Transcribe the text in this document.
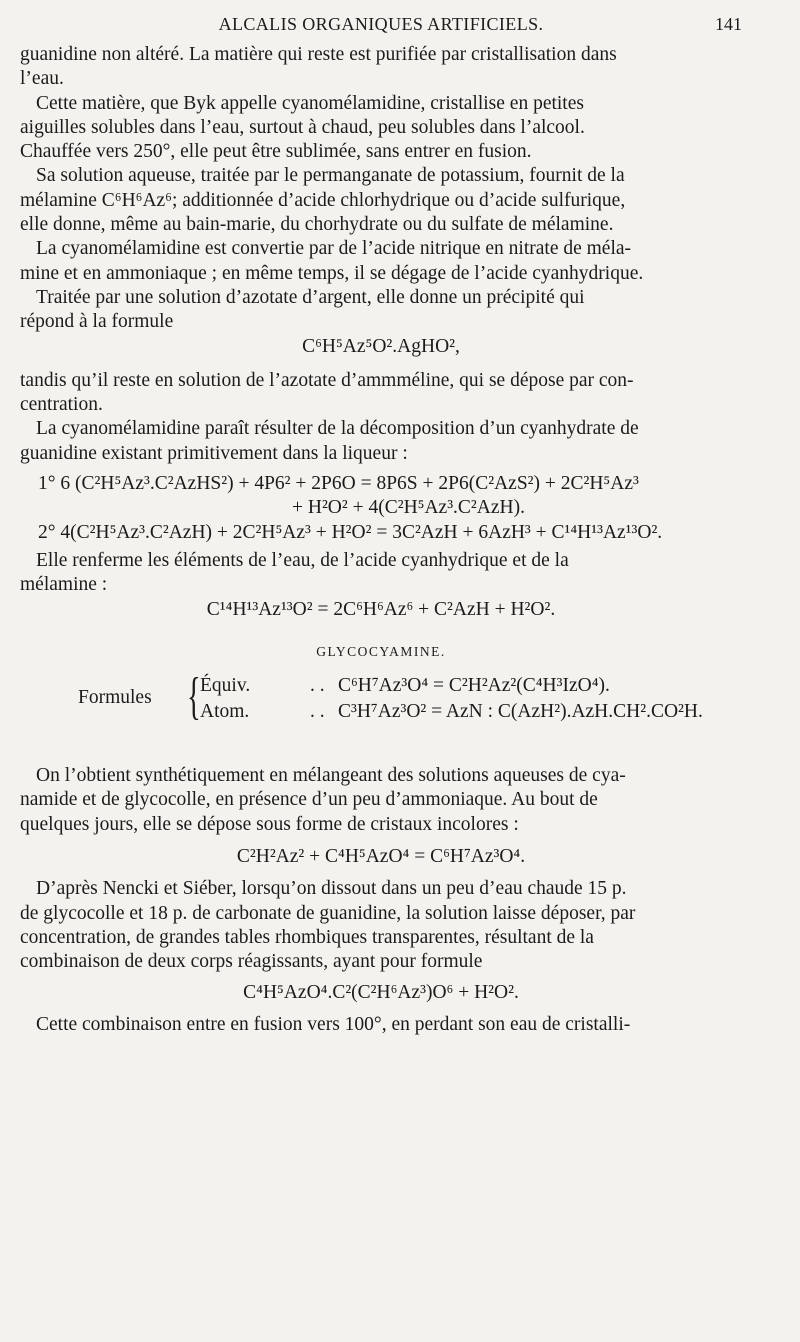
ALCALIS ORGANIQUES ARTIFICIELS.	141

guanidine non altéré. La matière qui reste est purifiée par cristallisation dans

l’eau.

Cette matière, que Byk appelle cyanomélamidine, cristallise en petites

aiguilles solubles dans l’eau, surtout à chaud, peu solubles dans l’alcool.

Chauffée vers 250°, elle peut être sublimée, sans entrer en fusion.

Sa solution aqueuse, traitée par le permanganate de potassium, fournit de la

mélamine C⁶H⁶Az⁶; additionnée d’acide chlorhydrique ou d’acide sulfurique,

elle donne, même au bain-marie, du chorhydrate ou du sulfate de mélamine.

La cyanomélamidine est convertie par de l’acide nitrique en nitrate de méla-

mine et en ammoniaque ; en même temps, il se dégage de l’acide cyanhydrique.

Traitée par une solution d’azotate d’argent, elle donne un précipité qui

répond à la formule

C⁶H⁵Az⁵O².AgHO²,

tandis qu’il reste en solution de l’azotate d’ammméline, qui se dépose par con-

centration.

La cyanomélamidine paraît résulter de la décomposition d’un cyanhydrate de

guanidine existant primitivement dans la liqueur :

1° 6 (C²H⁵Az³.C²AzHS²) + 4P6² + 2P6O = 8P6S + 2P6(C²AzS²) + 2C²H⁵Az³

+ H²O² + 4(C²H⁵Az³.C²AzH).

2° 4(C²H⁵Az³.C²AzH) + 2C²H⁵Az³ + H²O² = 3C²AzH + 6AzH³ + C¹⁴H¹³Az¹³O².

Elle renferme les éléments de l’eau, de l’acide cyanhydrique et de la

mélamine :

C¹⁴H¹³Az¹³O² = 2C⁶H⁶Az⁶ + C²AzH + H²O².

GLYCOCYAMINE.
Formules { Équiv.	. . C⁶H⁷Az³O⁴ = C²H²Az²(C⁴H³IzO⁴).
Atom.	. . C³H⁷Az³O² = AzN : C(AzH²).AzH.CH².CO²H.

On l’obtient synthétiquement en mélangeant des solutions aqueuses de cya-

namide et de glycocolle, en présence d’un peu d’ammoniaque. Au bout de

quelques jours, elle se dépose sous forme de cristaux incolores :

C²H²Az² + C⁴H⁵AzO⁴ = C⁶H⁷Az³O⁴.

D’après Nencki et Siéber, lorsqu’on dissout dans un peu d’eau chaude 15 p.

de glycocolle et 18 p. de carbonate de guanidine, la solution laisse déposer, par

concentration, de grandes tables rhombiques transparentes, résultant de la

combinaison de deux corps réagissants, ayant pour formule

C⁴H⁵AzO⁴.C²(C²H⁶Az³)O⁶ + H²O².

Cette combinaison entre en fusion vers 100°, en perdant son eau de cristalli-
